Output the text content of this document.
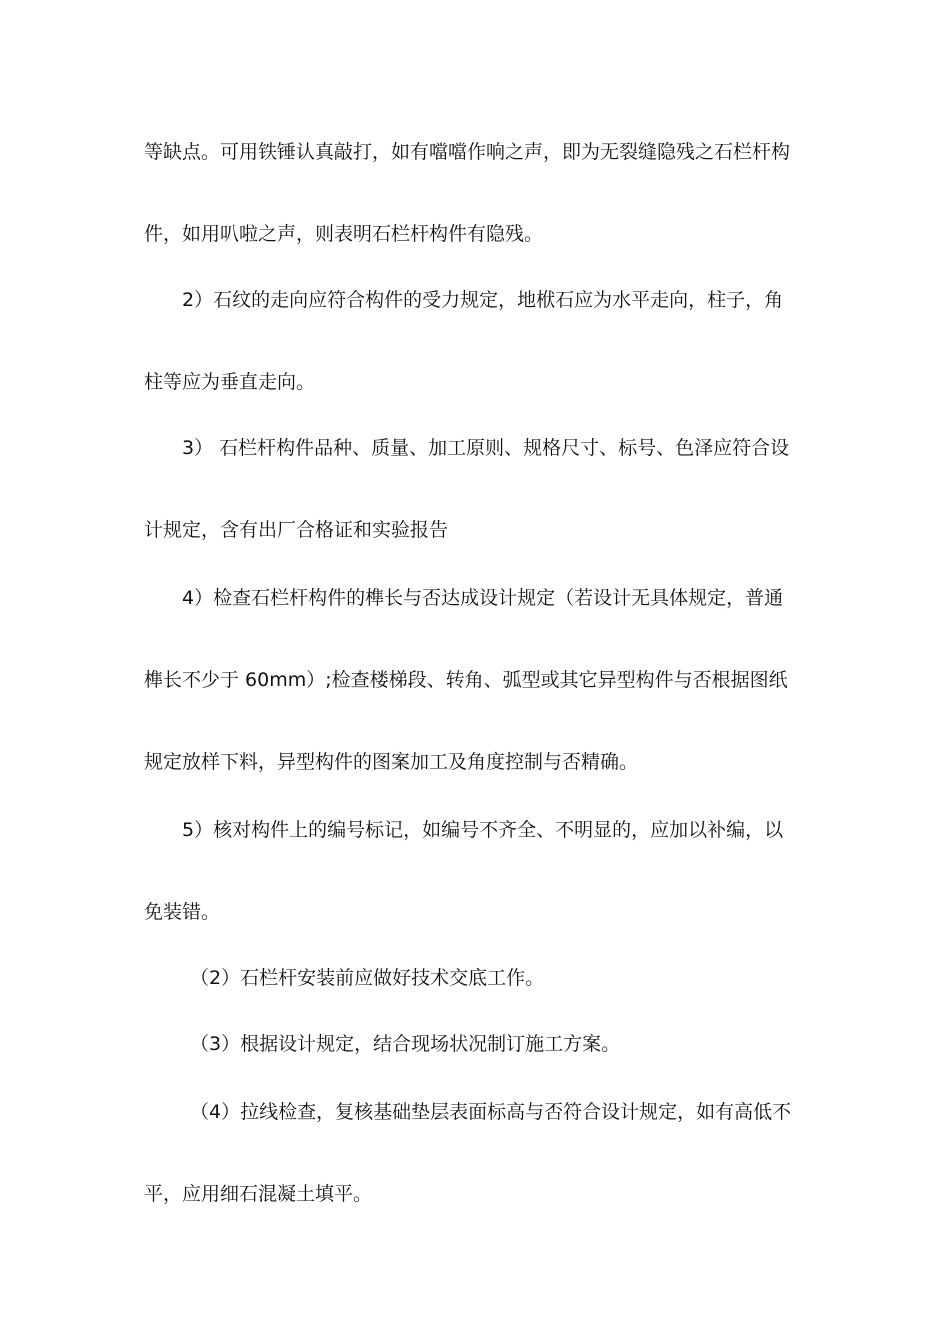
等缺点。可用铁锤认真敲打，如有噹噹作响之声，即为无裂缝隐残之石栏杆构
件，如用叭啦之声，则表明石栏杆构件有隐残。
2）石纹的走向应符合构件的受力规定，地栿石应为水平走向，柱子，角
柱等应为垂直走向。
3） 石栏杆构件品种、质量、加工原则、规格尺寸、标号、色泽应符合设
计规定，含有出厂合格证和实验报告
4）检查石栏杆构件的榫长与否达成设计规定（若设计无具体规定，普通
榫长不少于 60mm）;检查楼梯段、转角、弧型或其它异型构件与否根据图纸
规定放样下料，异型构件的图案加工及角度控制与否精确。
5）核对构件上的编号标记，如编号不齐全、不明显的，应加以补编，以
免装错。
（2）石栏杆安装前应做好技术交底工作。
（3）根据设计规定，结合现场状况制订施工方案。
（4）拉线检查，复核基础垫层表面标高与否符合设计规定，如有高低不
平，应用细石混凝土填平。
